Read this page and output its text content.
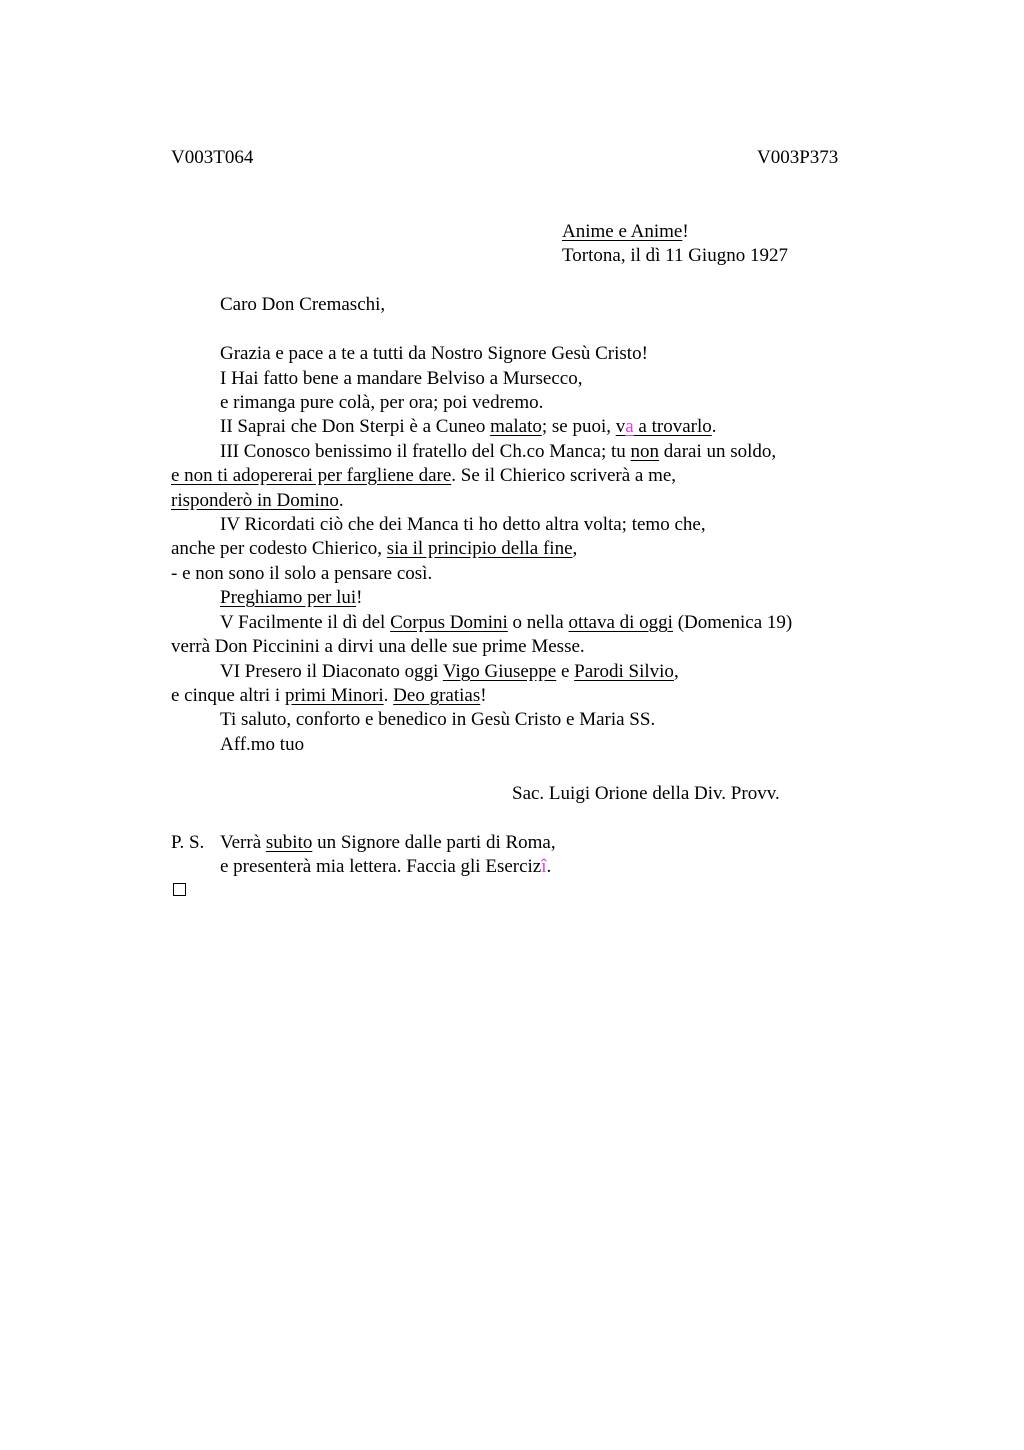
V003T064	V003P373
Anime e Anime!
Tortona, il dì 11 Giugno 1927
Caro Don Cremaschi,
Grazia e pace a te a tutti da Nostro Signore Gesù Cristo!
I Hai fatto bene a mandare Belviso a Mursecco,
e rimanga pure colà, per ora; poi vedremo.
II Saprai che Don Sterpi è a Cuneo malato; se puoi, va a trovarlo.
III Conosco benissimo il fratello del Ch.co Manca; tu non darai un soldo,
e non ti adopererai per fargliene dare. Se il Chierico scriverà a me,
risponderò in Domino.
IV Ricordati ciò che dei Manca ti ho detto altra volta; temo che,
anche per codesto Chierico, sia il principio della fine,
- e non sono il solo a pensare così.
Preghiamo per lui!
V Facilmente il dì del Corpus Domini o nella ottava di oggi (Domenica 19)
verrà Don Piccinini a dirvi una delle sue prime Messe.
VI Presero il Diaconato oggi Vigo Giuseppe e Parodi Silvio,
e cinque altri i primi Minori. Deo gratias!
Ti saluto, conforto e benedico in Gesù Cristo e Maria SS.
Aff.mo tuo
Sac. Luigi Orione della Div. Provv.
P. S. Verrà subito un Signore dalle parti di Roma,
e presenterà mia lettera. Faccia gli Esercizî.
